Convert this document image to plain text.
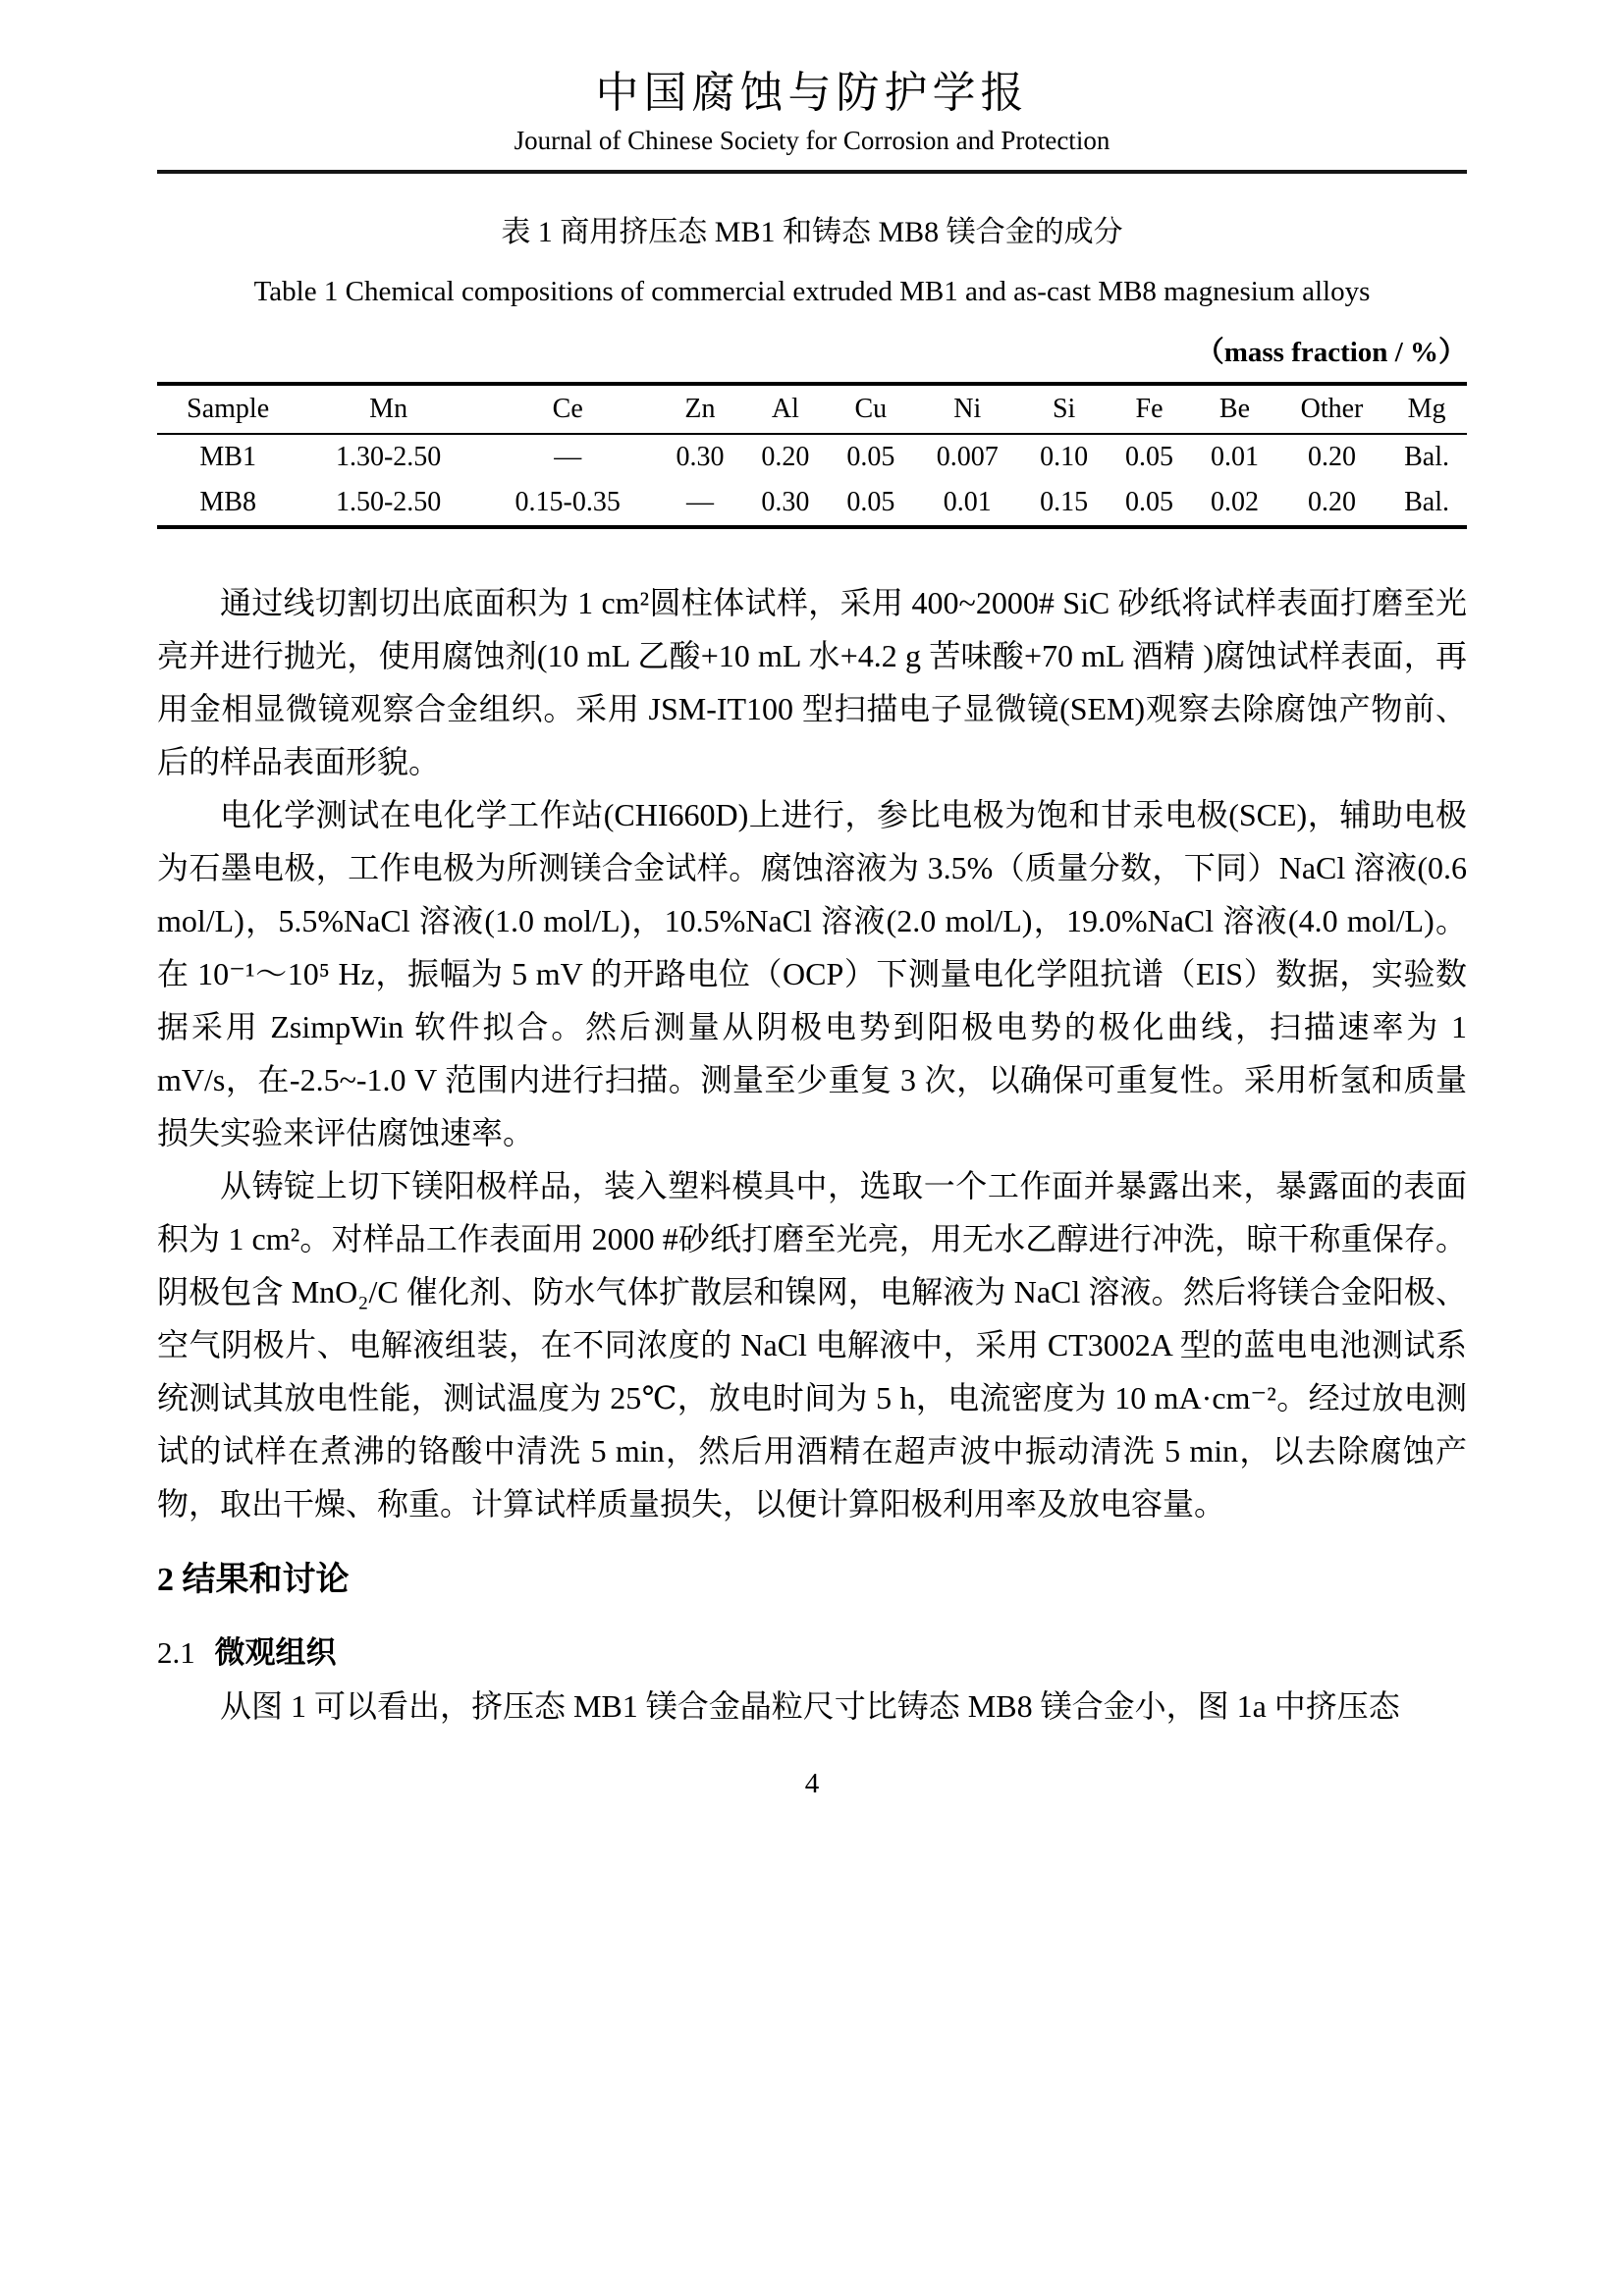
中国腐蚀与防护学报
Journal of Chinese Society for Corrosion and Protection
表 1 商用挤压态 MB1 和铸态 MB8 镁合金的成分
Table 1 Chemical compositions of commercial extruded MB1 and as-cast MB8 magnesium alloys
（mass fraction / %）
Sample	Mn	Ce	Zn	Al	Cu	Ni	Si	Fe	Be	Other	Mg
MB1	1.30-2.50	—	0.30	0.20	0.05	0.007	0.10	0.05	0.01	0.20	Bal.
MB8	1.50-2.50	0.15-0.35	—	0.30	0.05	0.01	0.15	0.05	0.02	0.20	Bal.

通过线切割切出底面积为 1 cm²圆柱体试样，采用 400~2000# SiC 砂纸将试样表面打磨至光亮并进行抛光，使用腐蚀剂(10 mL 乙酸+10 mL 水+4.2 g 苦味酸+70 mL 酒精 )腐蚀试样表面，再用金相显微镜观察合金组织。采用 JSM-IT100 型扫描电子显微镜(SEM)观察去除腐蚀产物前、后的样品表面形貌。

电化学测试在电化学工作站(CHI660D)上进行，参比电极为饱和甘汞电极(SCE)，辅助电极为石墨电极，工作电极为所测镁合金试样。腐蚀溶液为 3.5%（质量分数，下同）NaCl 溶液(0.6 mol/L)，5.5%NaCl 溶液(1.0 mol/L)，10.5%NaCl 溶液(2.0 mol/L)，19.0%NaCl 溶液(4.0 mol/L)。在 10⁻¹～10⁵ Hz，振幅为 5 mV 的开路电位（OCP）下测量电化学阻抗谱（EIS）数据，实验数据采用 ZsimpWin 软件拟合。然后测量从阴极电势到阳极电势的极化曲线，扫描速率为 1 mV/s，在-2.5~-1.0 V 范围内进行扫描。测量至少重复 3 次，以确保可重复性。采用析氢和质量损失实验来评估腐蚀速率。

从铸锭上切下镁阳极样品，装入塑料模具中，选取一个工作面并暴露出来，暴露面的表面积为 1 cm²。对样品工作表面用 2000 #砂纸打磨至光亮，用无水乙醇进行冲洗，晾干称重保存。阴极包含 MnO₂/C 催化剂、防水气体扩散层和镍网，电解液为 NaCl 溶液。然后将镁合金阳极、空气阴极片、电解液组装，在不同浓度的 NaCl 电解液中，采用 CT3002A 型的蓝电电池测试系统测试其放电性能，测试温度为 25℃，放电时间为 5 h，电流密度为 10 mA·cm⁻²。经过放电测试的试样在煮沸的铬酸中清洗 5 min，然后用酒精在超声波中振动清洗 5 min，以去除腐蚀产物，取出干燥、称重。计算试样质量损失，以便计算阳极利用率及放电容量。

2 结果和讨论
2.1 微观组织

从图 1 可以看出，挤压态 MB1 镁合金晶粒尺寸比铸态 MB8 镁合金小，图 1a 中挤压态

4
